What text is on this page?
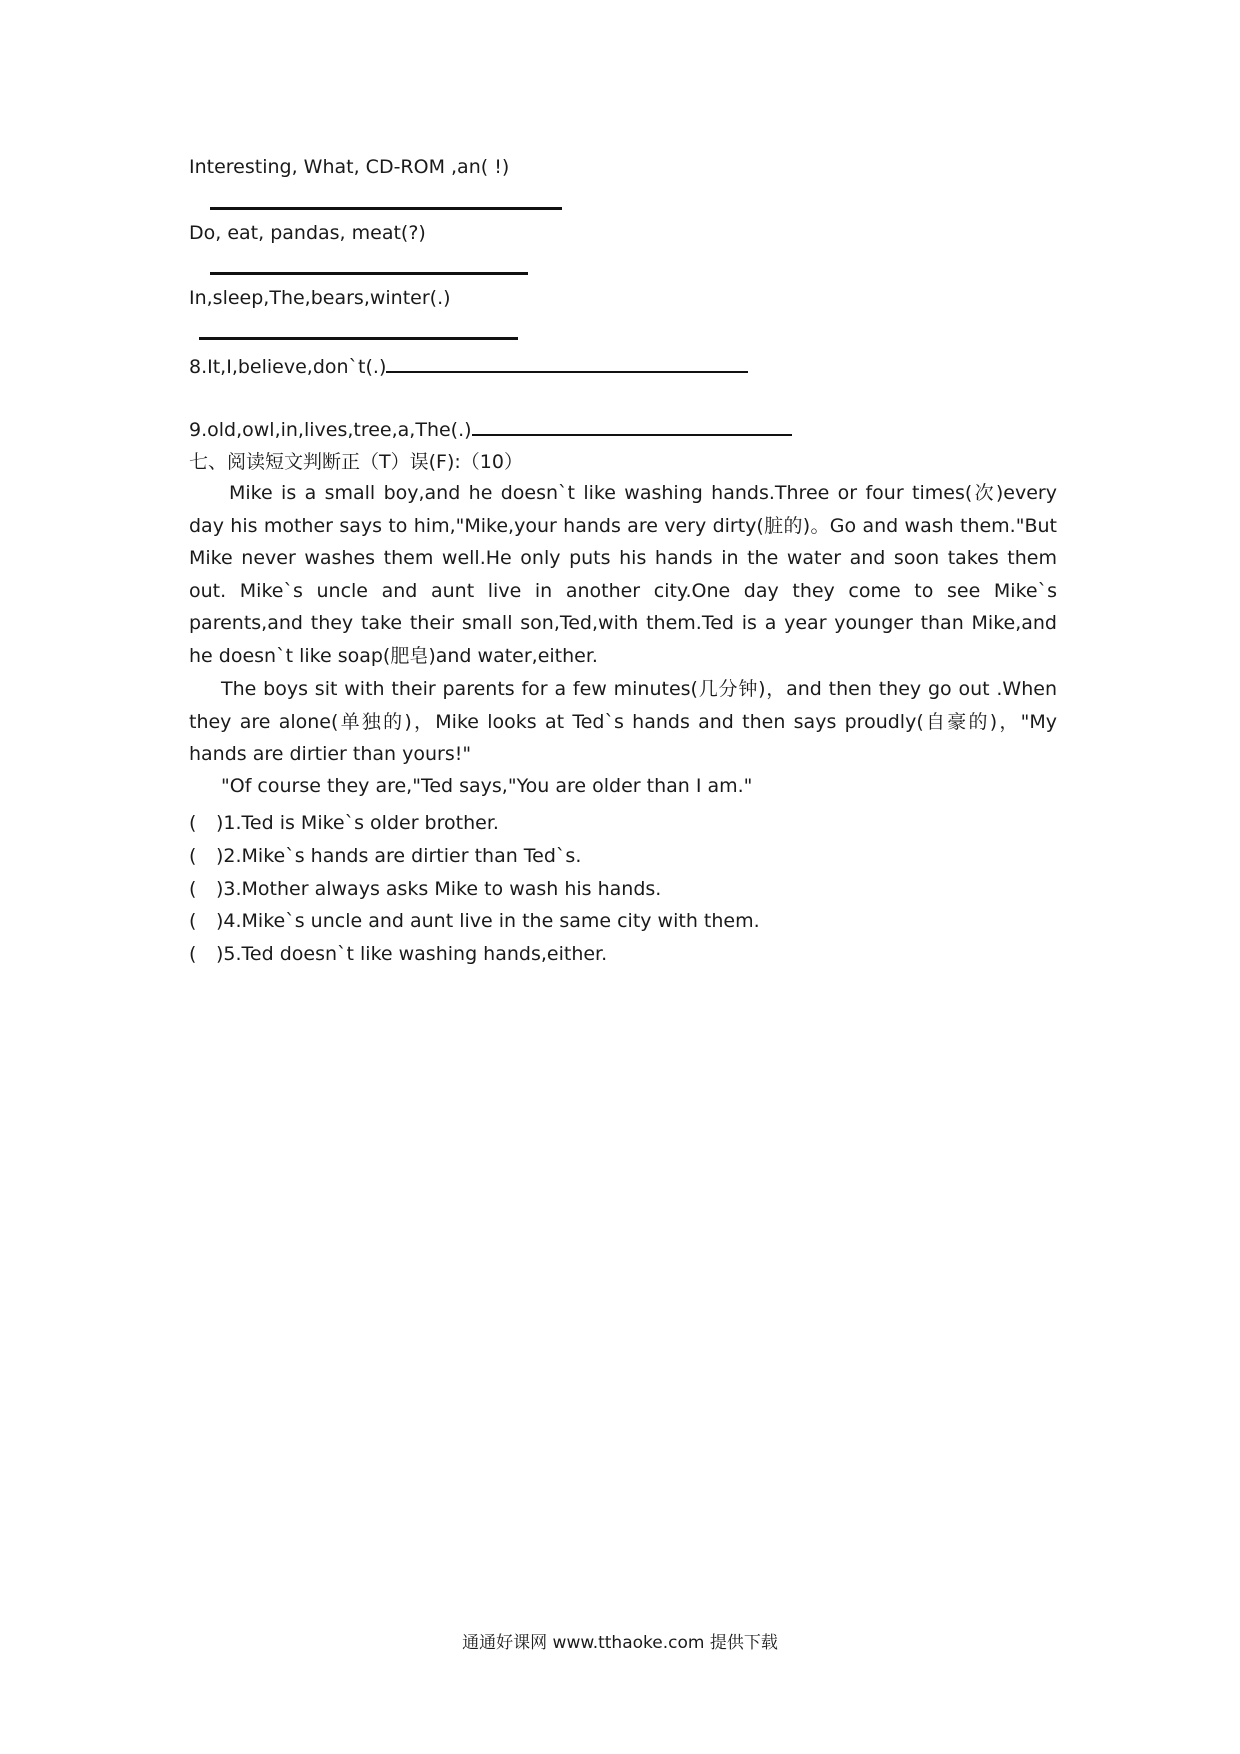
Interesting, What, CD-ROM ,an( !)
Do, eat, pandas, meat(?)
In,sleep,The,bears,winter(.)
8.It,I,believe,don`t(.)
9.old,owl,in,lives,tree,a,The(.)
七、阅读短文判断正（T）误(F):（10）
Mike is a small boy,and he doesn`t like washing hands.Three or four times(次)every day his mother says to him,"Mike,your hands are very dirty(脏的)。Go and wash them."But Mike never washes them well.He only puts his hands in the water and soon takes them out. Mike`s uncle and aunt live in another city.One day they come to see Mike`s parents,and they take their small son,Ted,with them.Ted is a year younger than Mike,and he doesn`t like soap(肥皂)and water,either.
The boys sit with their parents for a few minutes(几分钟)，and then they go out .When they are alone(单独的)，Mike looks at Ted`s hands and then says proudly(自豪的)，"My hands are dirtier than yours!"
"Of course they are,"Ted says,"You are older than I am."
( )1.Ted is Mike`s older brother.
( )2.Mike`s hands are dirtier than Ted`s.
( )3.Mother always asks Mike to wash his hands.
( )4.Mike`s uncle and aunt live in the same city with them.
( )5.Ted doesn`t like washing hands,either.
通通好课网 www.tthaoke.com 提供下载
